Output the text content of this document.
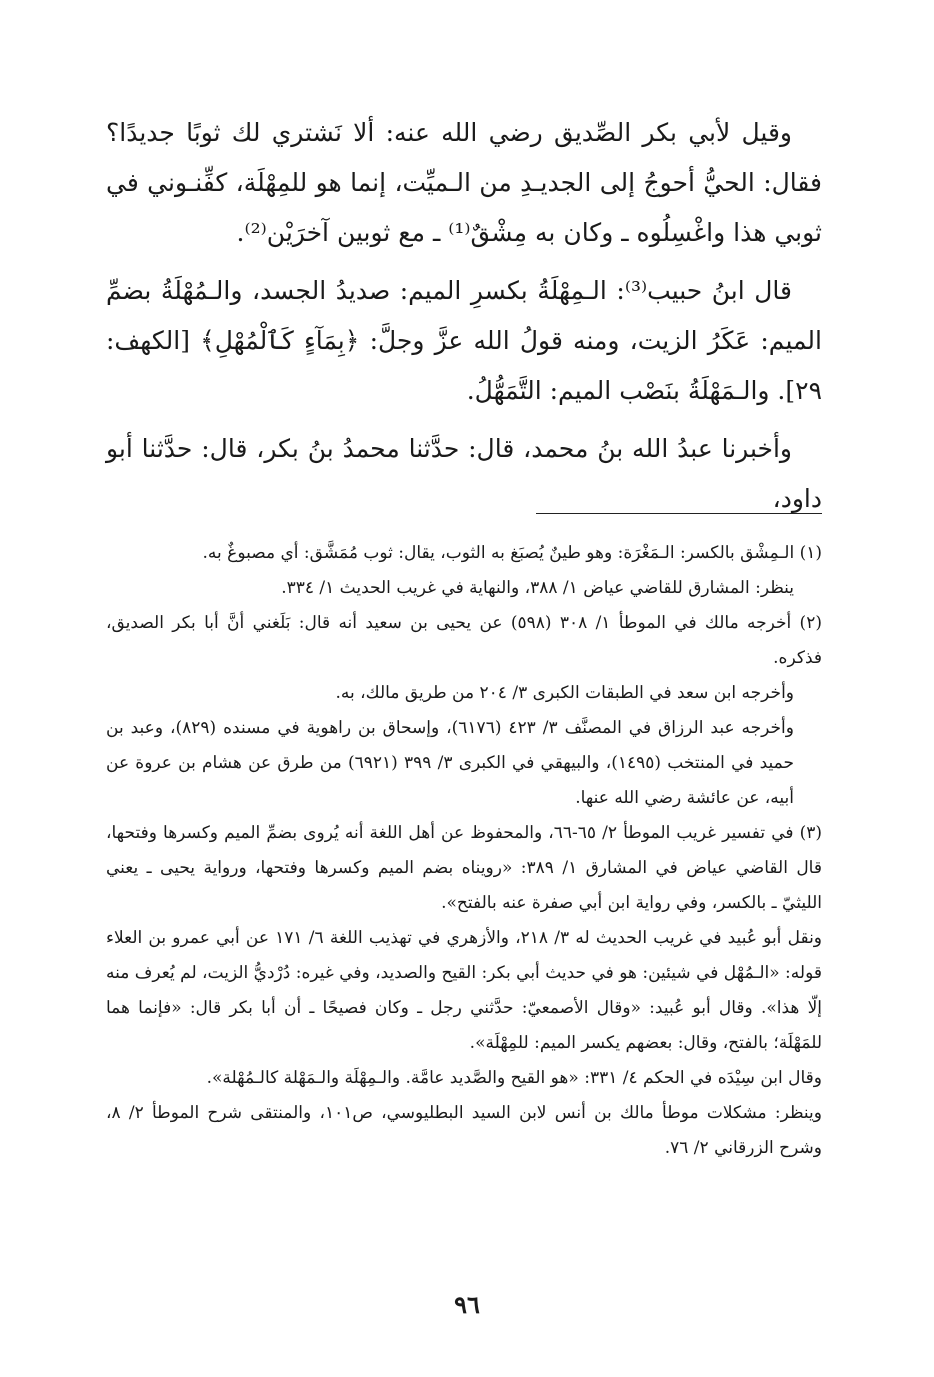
وقيل لأبي بكر الصِّديق رضي الله عنه: ألا نَشتري لك ثوبًا جديدًا؟ فقال: الحيُّ أحوجُ إلى الجديـدِ من الـميِّت، إنما هو للمِهْلَة، كفِّنـوني في ثوبي هذا واغْسِلُوه ـ وكان به مِشْقٌ⁽¹⁾ ـ مع ثوبين آخرَيْن⁽²⁾.

قال ابنُ حبيب⁽³⁾: الـمِهْلَةُ بكسرِ الميم: صديدُ الجسد، والـمُهْلَةُ بضمِّ الميم: عَكَرُ الزيت، ومنه قولُ الله عزَّ وجلَّ: ﴿بِمَآءٍ كَٱلْمُهْلِ﴾ [الكهف: ٢٩]. والـمَهْلَةُ بنَصْب الميم: التَّمَهُّلُ.

وأخبرنا عبدُ الله بنُ محمد، قال: حدَّثنا محمدُ بنُ بكر، قال: حدَّثنا أبو داود،

(١) الـمِشْق بالكسر: الـمَغْرَة: وهو طينٌ يُصبَغ به الثوب، يقال: ثوب مُمَشَّق: أي مصبوغٌ به.
ينظر: المشارق للقاضي عياض ١/ ٣٨٨، والنهاية في غريب الحديث ١/ ٣٣٤.
(٢) أخرجه مالك في الموطأ ١/ ٣٠٨ (٥٩٨) عن يحيى بن سعيد أنه قال: بَلَغني أنَّ أبا بكر الصديق، فذكره.
وأخرجه ابن سعد في الطبقات الكبرى ٣/ ٢٠٤ من طريق مالك، به.
وأخرجه عبد الرزاق في المصنَّف ٣/ ٤٢٣ (٦١٧٦)، وإسحاق بن راهوية في مسنده (٨٢٩)، وعبد بن حميد في المنتخب (١٤٩٥)، والبيهقي في الكبرى ٣/ ٣٩٩ (٦٩٢١) من طرق عن هشام بن عروة عن أبيه، عن عائشة رضي الله عنها.
(٣) في تفسير غريب الموطأ ٢/ ٦٥-٦٦، والمحفوظ عن أهل اللغة أنه يُروى بضمِّ الميم وكسرها وفتحها، قال القاضي عياض في المشارق ١/ ٣٨٩: «رويناه بضم الميم وكسرها وفتحها، ورواية يحيى ـ يعني الليثيّ ـ بالكسر، وفي رواية ابن أبي صفرة عنه بالفتح».
ونقل أبو عُبيد في غريب الحديث له ٣/ ٢١٨، والأزهري في تهذيب اللغة ٦/ ١٧١ عن أبي عمرو بن العلاء قوله: «الـمُهْل في شيئين: هو في حديث أبي بكر: القيح والصديد، وفي غيره: دُرْديُّ الزيت، لم يُعرف منه إلّا هذا». وقال أبو عُبيد: «وقال الأصمعيّ: حدَّثني رجل ـ وكان فصيحًا ـ أن أبا بكر قال: «فإنما هما للمَهْلَة؛ بالفتح، وقال: بعضهم يكسر الميم: للمِهْلَة».
وقال ابن سِيْدَه في الحكم ٤/ ٣٣١: «هو القيح والصَّديد عامَّة. والـمِهْلَة والـمَهْلة كالـمُهْلة».
وينظر: مشكلات موطأ مالك بن أنس لابن السيد البطليوسي، ص١٠١، والمنتقى شرح الموطأ ٢/ ٨، وشرح الزرقاني ٢/ ٧٦.
٩٦
